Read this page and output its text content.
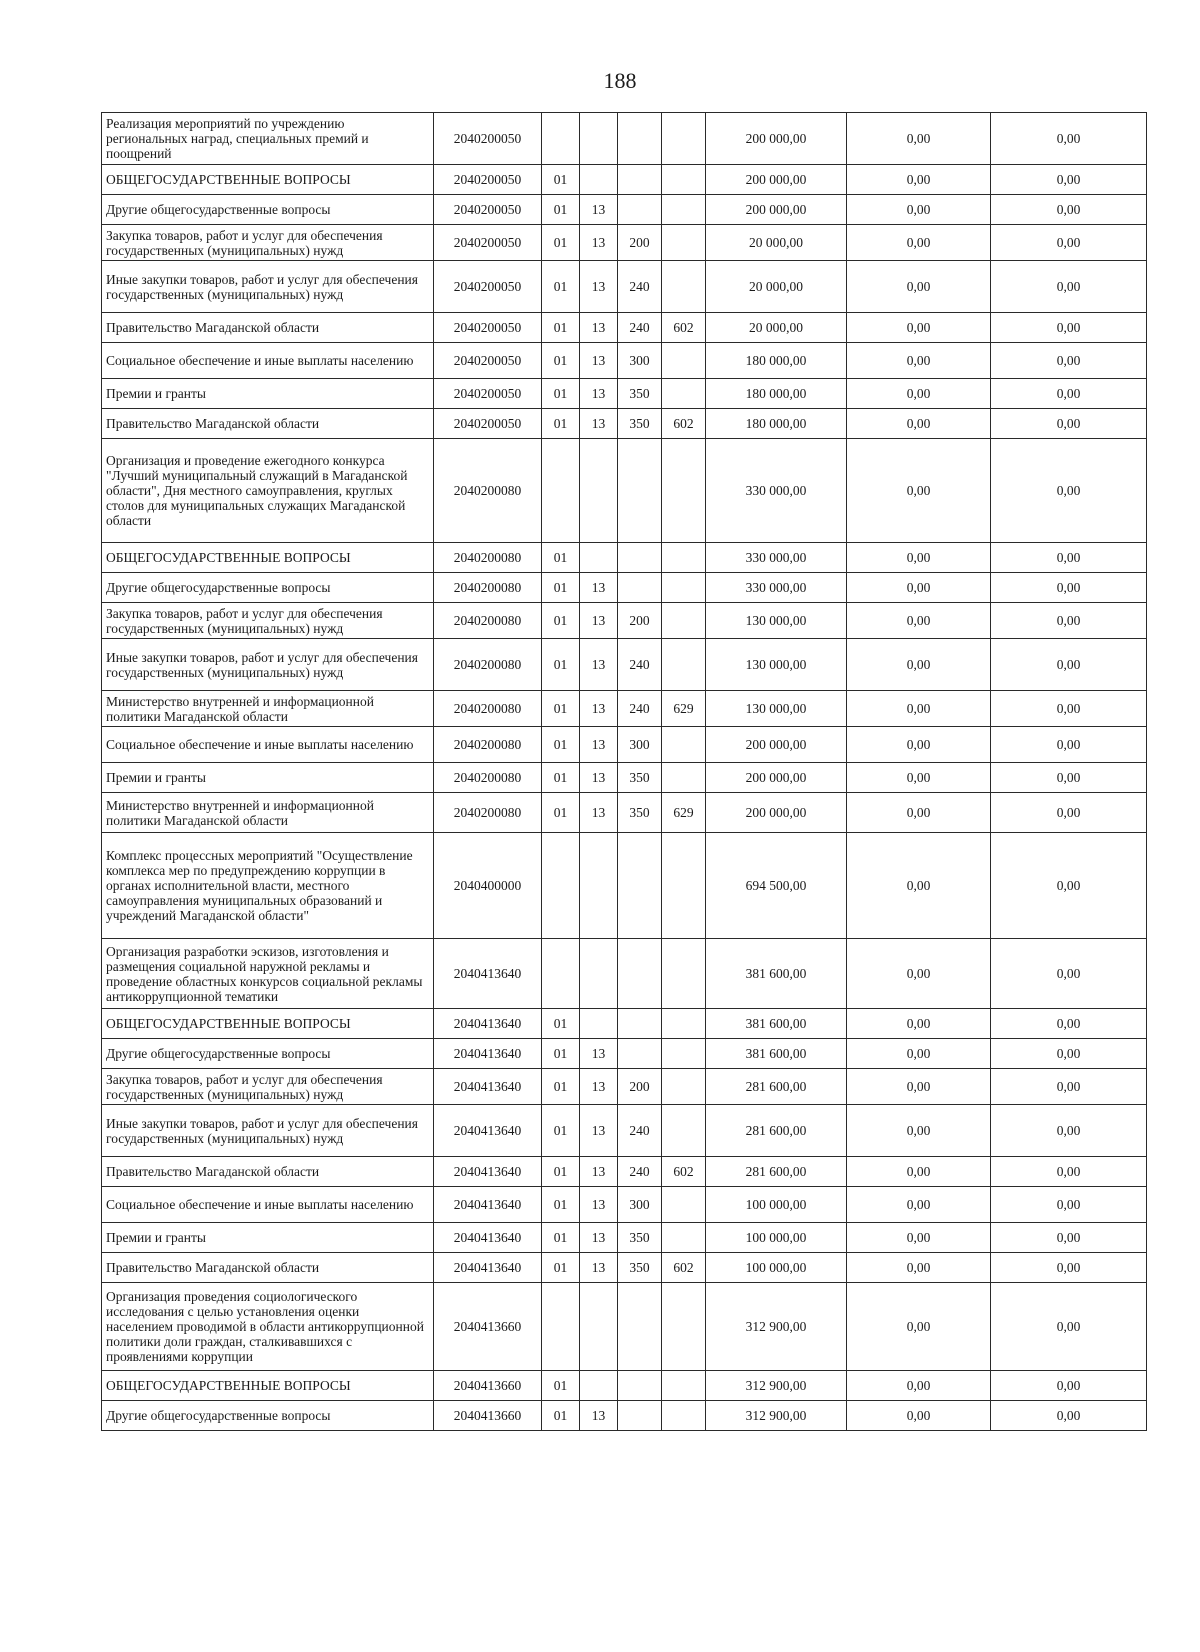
188
Реализация мероприятий по учреждению региональных наград, специальных премий и поощрений	2040200050					200 000,00	0,00	0,00
ОБЩЕГОСУДАРСТВЕННЫЕ ВОПРОСЫ	2040200050	01				200 000,00	0,00	0,00
Другие общегосударственные вопросы	2040200050	01	13			200 000,00	0,00	0,00
Закупка товаров, работ и услуг для обеспечения государственных (муниципальных) нужд	2040200050	01	13	200		20 000,00	0,00	0,00
Иные закупки товаров, работ и услуг для обеспечения государственных (муниципальных) нужд	2040200050	01	13	240		20 000,00	0,00	0,00
Правительство Магаданской области	2040200050	01	13	240	602	20 000,00	0,00	0,00
Социальное обеспечение и иные выплаты населению	2040200050	01	13	300		180 000,00	0,00	0,00
Премии и гранты	2040200050	01	13	350		180 000,00	0,00	0,00
Правительство Магаданской области	2040200050	01	13	350	602	180 000,00	0,00	0,00
Организация и проведение ежегодного конкурса "Лучший муниципальный служащий в Магаданской области", Дня местного самоуправления, круглых столов для муниципальных служащих Магаданской области	2040200080					330 000,00	0,00	0,00
ОБЩЕГОСУДАРСТВЕННЫЕ ВОПРОСЫ	2040200080	01				330 000,00	0,00	0,00
Другие общегосударственные вопросы	2040200080	01	13			330 000,00	0,00	0,00
Закупка товаров, работ и услуг для обеспечения государственных (муниципальных) нужд	2040200080	01	13	200		130 000,00	0,00	0,00
Иные закупки товаров, работ и услуг для обеспечения государственных (муниципальных) нужд	2040200080	01	13	240		130 000,00	0,00	0,00
Министерство внутренней и информационной политики Магаданской области	2040200080	01	13	240	629	130 000,00	0,00	0,00
Социальное обеспечение и иные выплаты населению	2040200080	01	13	300		200 000,00	0,00	0,00
Премии и гранты	2040200080	01	13	350		200 000,00	0,00	0,00
Министерство внутренней и информационной политики Магаданской области	2040200080	01	13	350	629	200 000,00	0,00	0,00
Комплекс процессных мероприятий "Осуществление комплекса мер по предупреждению коррупции в органах исполнительной власти, местного самоуправления муниципальных образований и учреждений Магаданской области"	2040400000					694 500,00	0,00	0,00
Организация разработки эскизов, изготовления и размещения социальной наружной рекламы и проведение областных конкурсов социальной рекламы антикоррупционной тематики	2040413640					381 600,00	0,00	0,00
ОБЩЕГОСУДАРСТВЕННЫЕ ВОПРОСЫ	2040413640	01				381 600,00	0,00	0,00
Другие общегосударственные вопросы	2040413640	01	13			381 600,00	0,00	0,00
Закупка товаров, работ и услуг для обеспечения государственных (муниципальных) нужд	2040413640	01	13	200		281 600,00	0,00	0,00
Иные закупки товаров, работ и услуг для обеспечения государственных (муниципальных) нужд	2040413640	01	13	240		281 600,00	0,00	0,00
Правительство Магаданской области	2040413640	01	13	240	602	281 600,00	0,00	0,00
Социальное обеспечение и иные выплаты населению	2040413640	01	13	300		100 000,00	0,00	0,00
Премии и гранты	2040413640	01	13	350		100 000,00	0,00	0,00
Правительство Магаданской области	2040413640	01	13	350	602	100 000,00	0,00	0,00
Организация проведения социологического исследования с целью установления оценки населением проводимой в области антикоррупционной политики доли граждан, сталкивавшихся с проявлениями коррупции	2040413660					312 900,00	0,00	0,00
ОБЩЕГОСУДАРСТВЕННЫЕ ВОПРОСЫ	2040413660	01				312 900,00	0,00	0,00
Другие общегосударственные вопросы	2040413660	01	13			312 900,00	0,00	0,00
